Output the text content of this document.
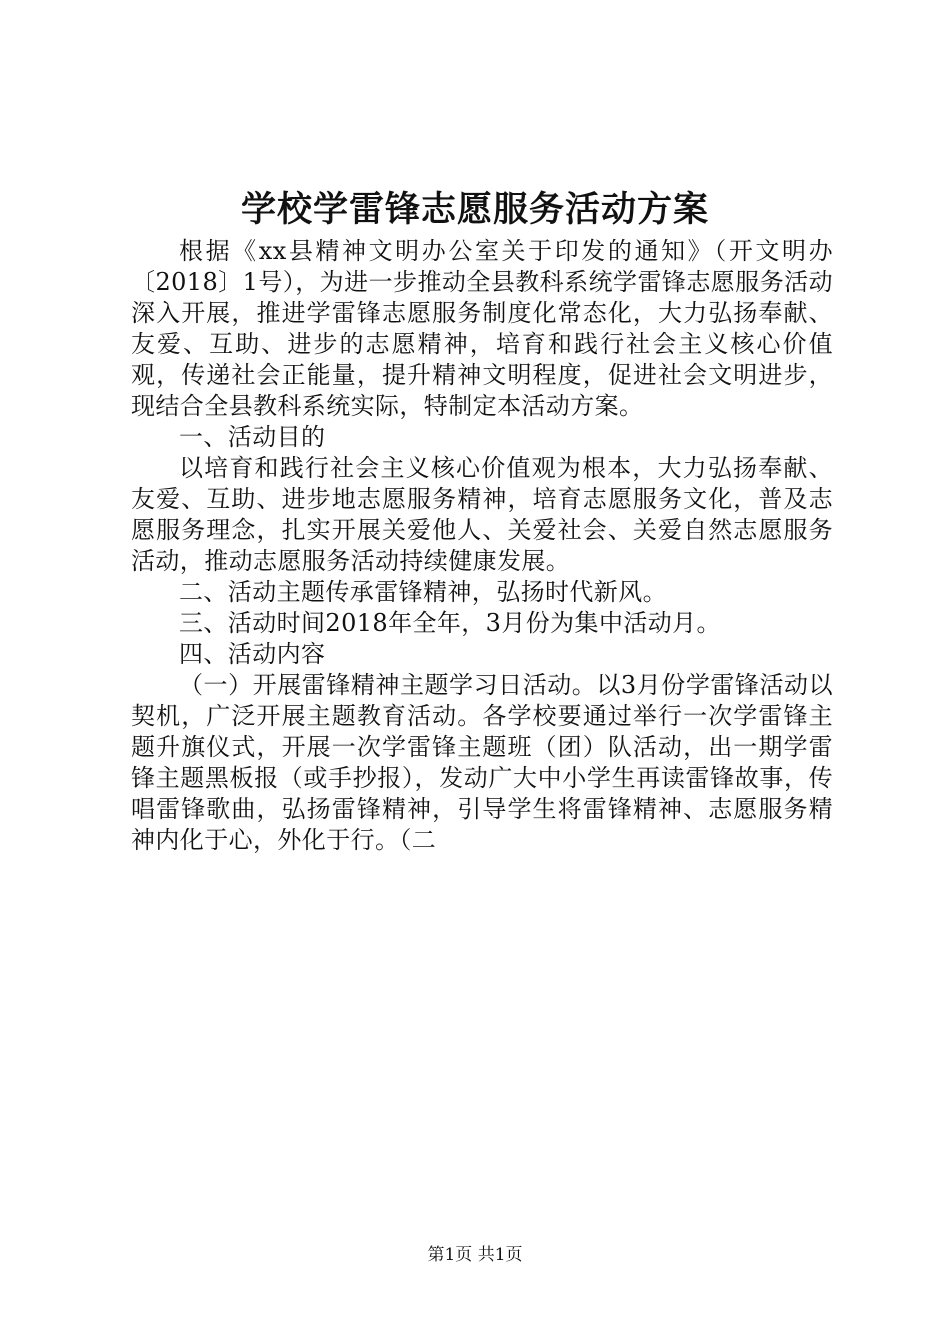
学校学雷锋志愿服务活动方案

根据《xx县精神文明办公室关于印发的通知》（开文明办〔2018〕1号），为进一步推动全县教科系统学雷锋志愿服务活动深入开展，推进学雷锋志愿服务制度化常态化，大力弘扬奉献、友爱、互助、进步的志愿精神，培育和践行社会主义核心价值观，传递社会正能量，提升精神文明程度，促进社会文明进步，现结合全县教科系统实际，特制定本活动方案。

一、活动目的

以培育和践行社会主义核心价值观为根本，大力弘扬奉献、友爱、互助、进步地志愿服务精神，培育志愿服务文化，普及志愿服务理念，扎实开展关爱他人、关爱社会、关爱自然志愿服务活动，推动志愿服务活动持续健康发展。

二、活动主题传承雷锋精神，弘扬时代新风。

三、活动时间2018年全年，3月份为集中活动月。

四、活动内容

（一）开展雷锋精神主题学习日活动。以3月份学雷锋活动以契机，广泛开展主题教育活动。各学校要通过举行一次学雷锋主题升旗仪式，开展一次学雷锋主题班（团）队活动，出一期学雷锋主题黑板报（或手抄报），发动广大中小学生再读雷锋故事，传唱雷锋歌曲，弘扬雷锋精神，引导学生将雷锋精神、志愿服务精神内化于心，外化于行。（二

第1页 共1页
